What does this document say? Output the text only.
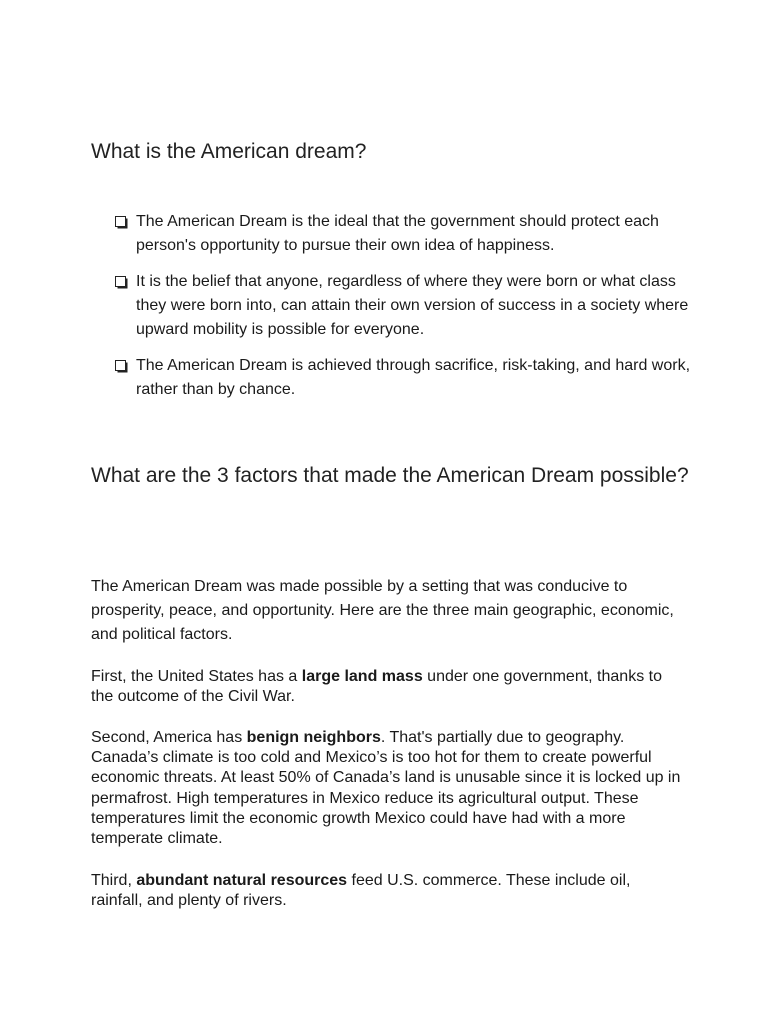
What is the American dream?
The American Dream is the ideal that the government should protect each person's opportunity to pursue their own idea of happiness.
It is the belief that anyone, regardless of where they were born or what class they were born into, can attain their own version of success in a society where upward mobility is possible for everyone.
The American Dream is achieved through sacrifice, risk-taking, and hard work, rather than by chance.
What are the 3 factors that made the American Dream possible?

The American Dream was made possible by a setting that was conducive to prosperity, peace, and opportunity. Here are the three main geographic, economic, and political factors.

First, the United States has a large land mass under one government, thanks to the outcome of the Civil War.

Second, America has benign neighbors. That's partially due to geography. Canada’s climate is too cold and Mexico’s is too hot for them to create powerful economic threats. At least 50% of Canada’s land is unusable since it is locked up in permafrost. High temperatures in Mexico reduce its agricultural output. These temperatures limit the economic growth Mexico could have had with a more temperate climate.

Third, abundant natural resources feed U.S. commerce. These include oil, rainfall, and plenty of rivers.
